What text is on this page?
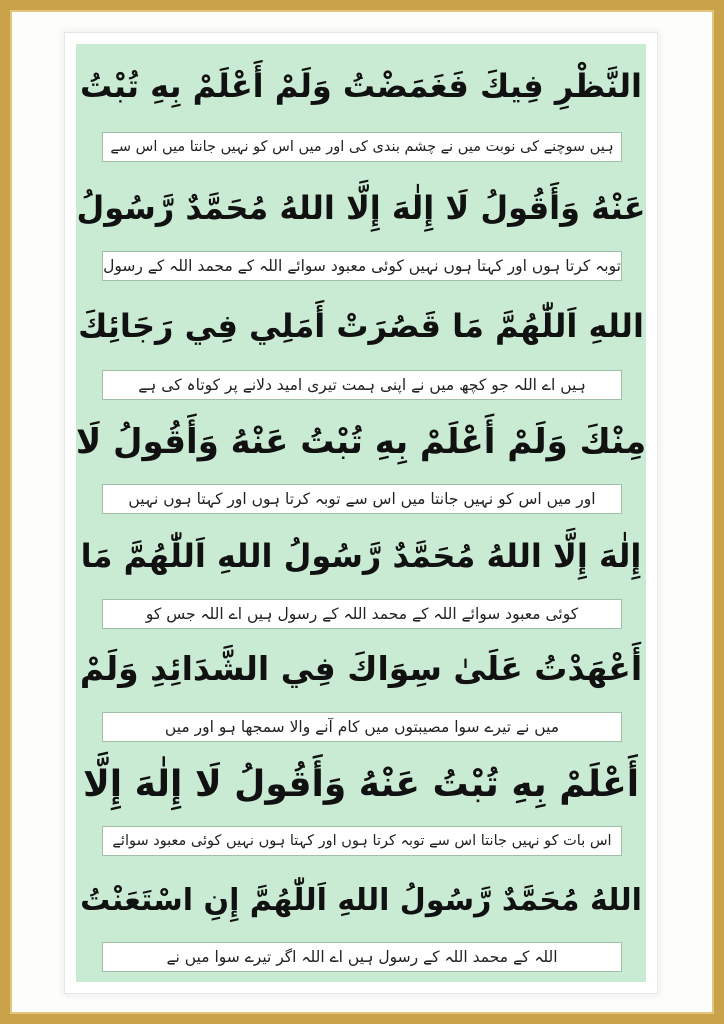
النَّظْرِ فِيكَ فَغَمَضْتُ وَلَمْ أَعْلَمْ بِهِ تُبْتُ
ہیں سوچنے کی نوبت میں نے چشم بندی کی اور میں اس کو نہیں جانتا میں اس سے
عَنْهُ وَأَقُولُ لَا إِلٰهَ إِلَّا اللهُ مُحَمَّدٌ رَّسُولُ
توبہ کرتا ہوں اور کہتا ہوں نہیں کوئی معبود سوائے اللہ کے محمد اللہ کے رسول
اللهِ اَللّٰهُمَّ مَا قَصُرَتْ أَمَلِي فِي رَجَائِكَ
ہیں اے اللہ جو کچھ میں نے اپنی ہمت تیری امید دلانے پر کوتاہ کی ہے
مِنْكَ وَلَمْ أَعْلَمْ بِهِ تُبْتُ عَنْهُ وَأَقُولُ لَا
اور میں اس کو نہیں جانتا میں اس سے توبہ کرتا ہوں اور کہتا ہوں نہیں
إِلٰهَ إِلَّا اللهُ مُحَمَّدٌ رَّسُولُ اللهِ اَللّٰهُمَّ مَا
کوئی معبود سوائے اللہ کے محمد اللہ کے رسول ہیں اے اللہ جس کو
أَعْهَدْتُ عَلَىٰ سِوَاكَ فِي الشَّدَائِدِ وَلَمْ
میں نے تیرے سوا مصیبتوں میں کام آنے والا سمجھا ہو اور میں
أَعْلَمْ بِهِ تُبْتُ عَنْهُ وَأَقُولُ لَا إِلٰهَ إِلَّا
اس بات کو نہیں جانتا اس سے توبہ کرتا ہوں اور کہتا ہوں نہیں کوئی معبود سوائے
اللهُ مُحَمَّدٌ رَّسُولُ اللهِ اَللّٰهُمَّ إِنِ اسْتَعَنْتُ
اللہ کے محمد اللہ کے رسول ہیں اے اللہ اگر تیرے سوا میں نے
